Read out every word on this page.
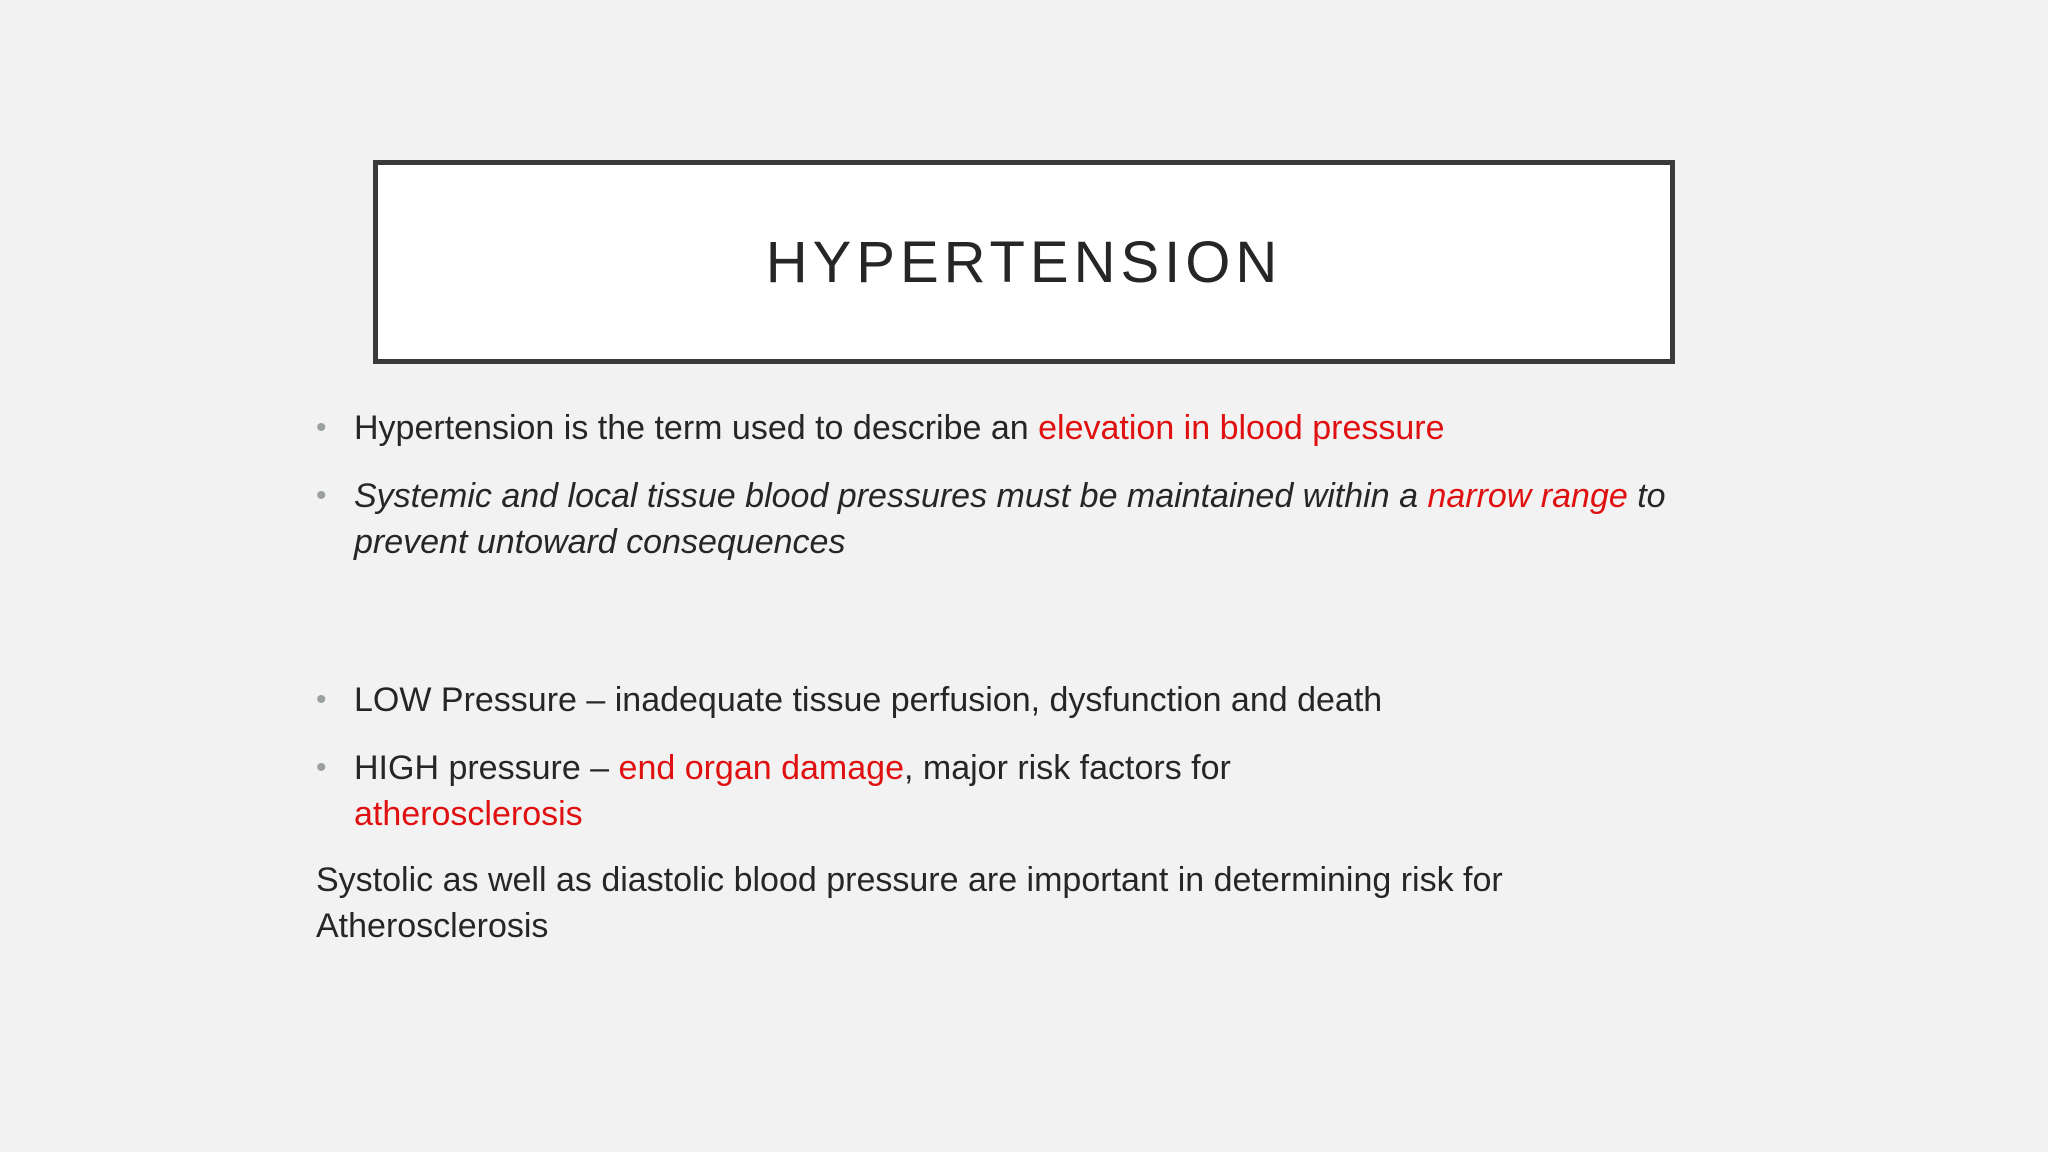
HYPERTENSION
• Hypertension is the term used to describe an elevation in blood pressure
• Systemic and local tissue blood pressures must be maintained within a narrow range to prevent untoward consequences
• LOW Pressure – inadequate tissue perfusion, dysfunction and death
• HIGH pressure – end organ damage, major risk factors for
atherosclerosis
Systolic as well as diastolic blood pressure are important in determining risk for Atherosclerosis
